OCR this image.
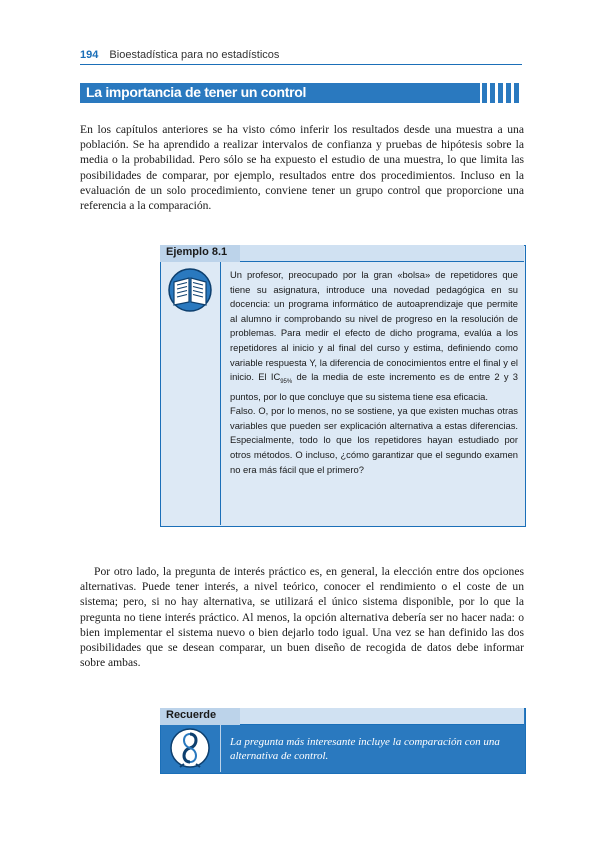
194 Bioestadística para no estadísticos
La importancia de tener un control

En los capítulos anteriores se ha visto cómo inferir los resultados desde una muestra a una población. Se ha aprendido a realizar intervalos de confianza y pruebas de hipótesis sobre la media o la probabilidad. Pero sólo se ha expuesto el estudio de una muestra, lo que limita las posibilidades de comparar, por ejemplo, resultados entre dos procedimientos. Incluso en la evaluación de un solo procedimiento, conviene tener un grupo control que proporcione una referencia a la comparación.

Ejemplo 8.1

Un profesor, preocupado por la gran «bolsa» de repetidores que tiene su asignatura, introduce una novedad pedagógica en su docencia: un programa informático de autoaprendizaje que permite al alumno ir comprobando su nivel de progreso en la resolución de problemas. Para medir el efecto de dicho programa, evalúa a los repetidores al inicio y al final del curso y estima, definiendo como variable respuesta Y, la diferencia de conocimientos entre el final y el inicio. El $IC_{95\%}$ de la media de este incremento es de entre 2 y 3 puntos, por lo que concluye que su sistema tiene esa eficacia.
Falso. O, por lo menos, no se sostiene, ya que existen muchas otras variables que pueden ser explicación alternativa a estas diferencias. Especialmente, todo lo que los repetidores hayan estudiado por otros métodos. O incluso, ¿cómo garantizar que el segundo examen no era más fácil que el primero?

Por otro lado, la pregunta de interés práctico es, en general, la elección entre dos opciones alternativas. Puede tener interés, a nivel teórico, conocer el rendimiento o el coste de un sistema; pero, si no hay alternativa, se utilizará el único sistema disponible, por lo que la pregunta no tiene interés práctico. Al menos, la opción alternativa debería ser no hacer nada: o bien implementar el sistema nuevo o bien dejarlo todo igual. Una vez se han definido las dos posibilidades que se desean comparar, un buen diseño de recogida de datos debe informar sobre ambas.

Recuerde

La pregunta más interesante incluye la comparación con una alternativa de control.
